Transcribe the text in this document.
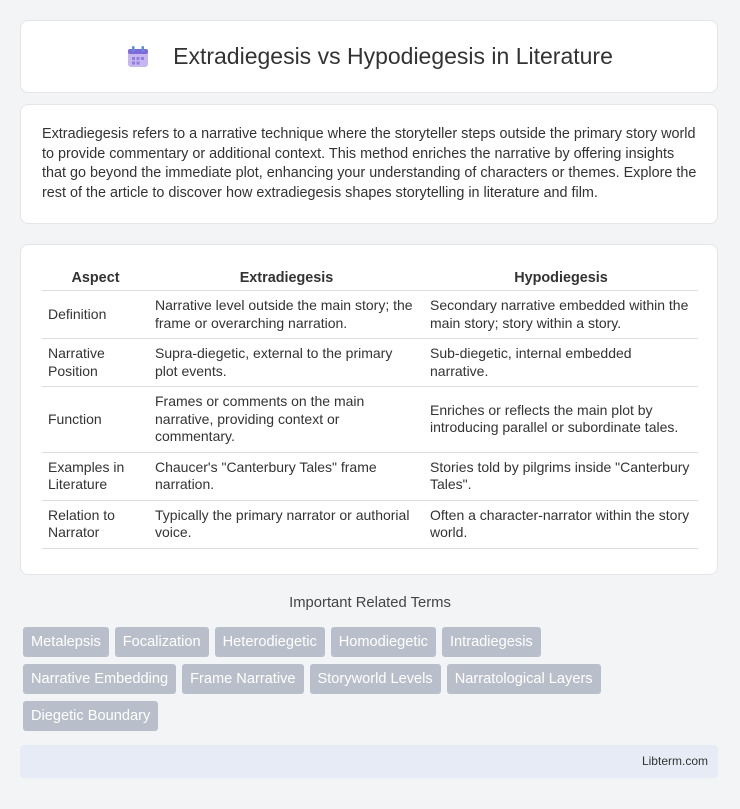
Extradiegesis vs Hypodiegesis in Literature

Extradiegesis refers to a narrative technique where the storyteller steps outside the primary story world to provide commentary or additional context. This method enriches the narrative by offering insights that go beyond the immediate plot, enhancing your understanding of characters or themes. Explore the rest of the article to discover how extradiegesis shapes storytelling in literature and film.

Aspect	Extradiegesis	Hypodiegesis
Definition	Narrative level outside the main story; the frame or overarching narration.	Secondary narrative embedded within the main story; story within a story.
Narrative Position	Supra-diegetic, external to the primary plot events.	Sub-diegetic, internal embedded narrative.
Function	Frames or comments on the main narrative, providing context or commentary.	Enriches or reflects the main plot by introducing parallel or subordinate tales.
Examples in Literature	Chaucer's "Canterbury Tales" frame narration.	Stories told by pilgrims inside "Canterbury Tales".
Relation to Narrator	Typically the primary narrator or authorial voice.	Often a character-narrator within the story world.
Important Related Terms
Metalepsis Focalization Heterodiegetic Homodiegetic Intradiegesis
Narrative Embedding Frame Narrative Storyworld Levels Narratological Layers
Diegetic Boundary
Libterm.com
